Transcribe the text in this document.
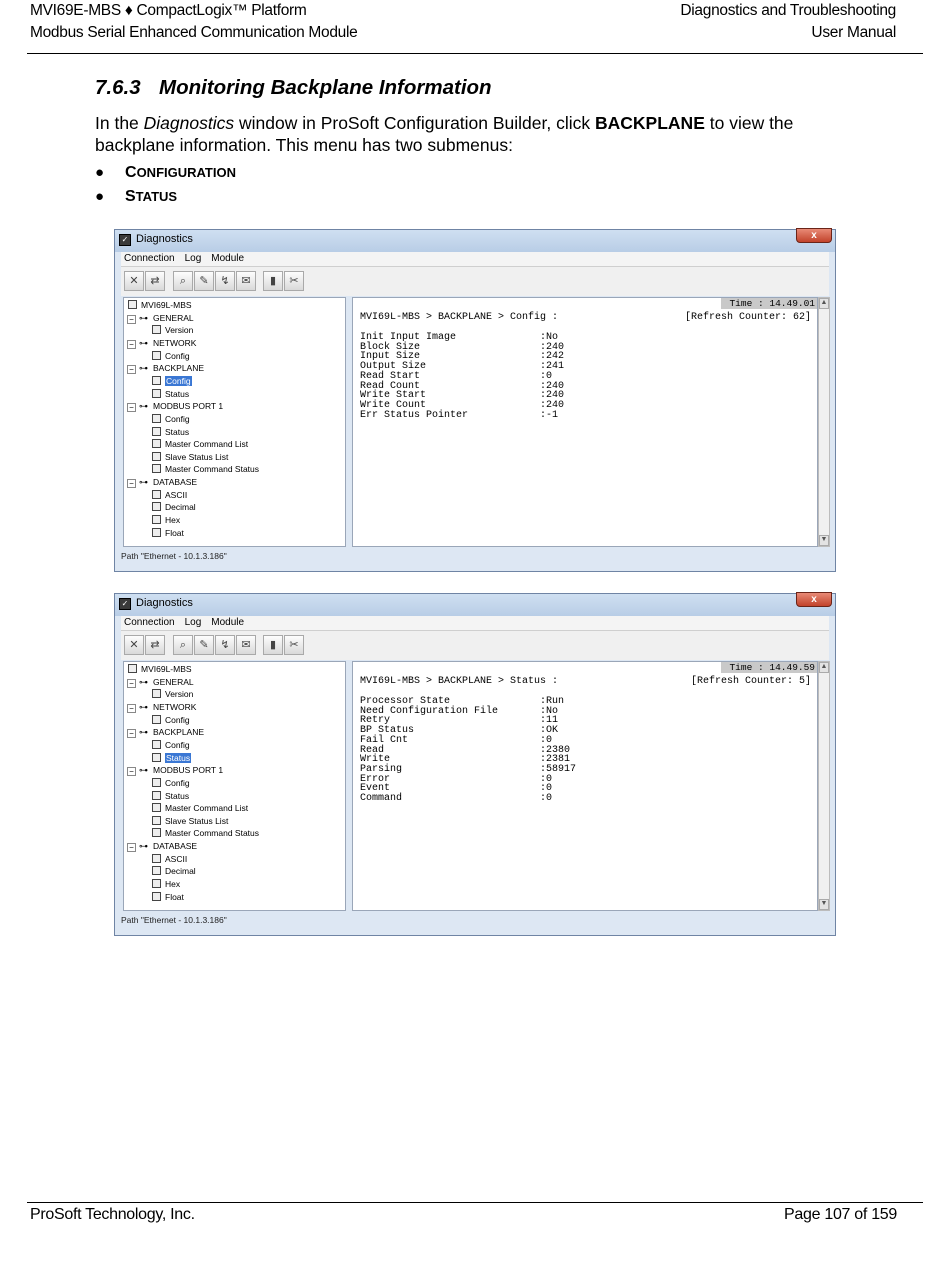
MVI69E-MBS ♦ CompactLogix™ Platform
Modbus Serial Enhanced Communication Module
Diagnostics and Troubleshooting
User Manual
7.6.3 Monitoring Backplane Information
In the Diagnostics window in ProSoft Configuration Builder, click BACKPLANE to view the backplane information. This menu has two submenus:
● CONFIGURATION
● STATUS
✓ Diagnostics	x
Connection Log Module
✕	⇄	⌕	✎	↯	✉	▮	✂
MVI69L-MBS
− ⊶ GENERAL
Version
− ⊶ NETWORK
Config
− ⊶ BACKPLANE
Config
Status
− ⊶ MODBUS PORT 1
Config
Status
Master Command List
Slave Status List
Master Command Status
− ⊶ DATABASE
ASCII
Decimal
Hex
Float
Time : 14.49.01
MVI69L-MBS > BACKPLANE > Config :	[Refresh Counter: 62]
Init Input Image	:No
Block Size	:240
Input Size	:242
Output Size	:241
Read Start	:0
Read Count	:240
Write Start	:240
Write Count	:240
Err Status Pointer	:-1
▲
▼
Path "Ethernet - 10.1.3.186"
✓ Diagnostics	x
Connection Log Module
✕	⇄	⌕	✎	↯	✉	▮	✂
MVI69L-MBS
− ⊶ GENERAL
Version
− ⊶ NETWORK
Config
− ⊶ BACKPLANE
Config
Status
− ⊶ MODBUS PORT 1
Config
Status
Master Command List
Slave Status List
Master Command Status
− ⊶ DATABASE
ASCII
Decimal
Hex
Float
Time : 14.49.59
MVI69L-MBS > BACKPLANE > Status :	[Refresh Counter: 5]
Processor State	:Run
Need Configuration File	:No
Retry	:11
BP Status	:OK
Fail Cnt	:0
Read	:2380
Write	:2381
Parsing	:58917
Error	:0
Event	:0
Command	:0
▲
▼
Path "Ethernet - 10.1.3.186"
ProSoft Technology, Inc.	Page 107 of 159
